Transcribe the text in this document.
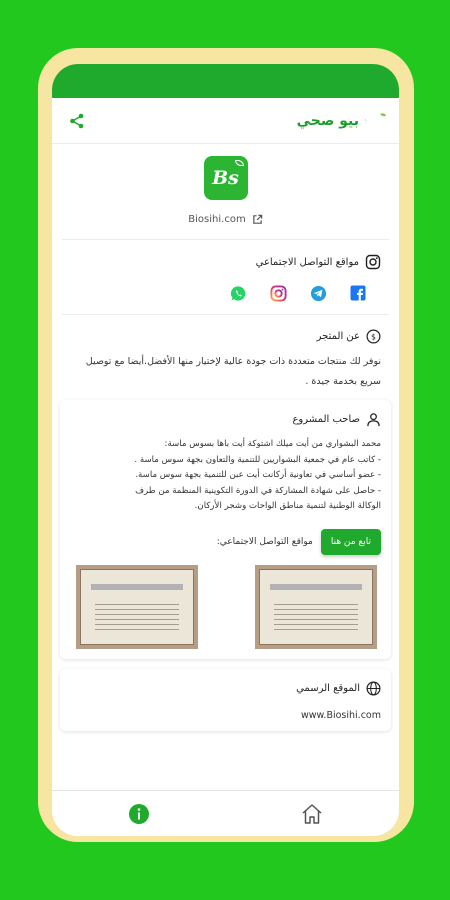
بيو صحي
Bs
Biosihi.com
مواقع التواصل الاجتماعي
عن المتجر $
نوفر لك منتجات متعددة ذات جودة عالية لإختيار منها الأفضل.أيضا مع توصيل
سريع بخدمة جيدة .
صاحب المشروع
محمد البشواري من أيت ميلك اشتوكة أيت باها بسوس ماسة:
- كاتب عام في جمعية البشواريين للتنمية والتعاون بجهة سوس ماسة .
- عضو أساسي في تعاونية أركانت أيت عبن للتنمية بجهة سوس ماسة.
- حاصل على شهادة المشاركة في الدورة التكوينية المنظمة من طرف
الوكالة الوطنية لتنمية مناطق الواحات وشجر الأركان.
مواقع التواصل الاجتماعي:	تابع من هنا
الموقع الرسمي
www.Biosihi.com
